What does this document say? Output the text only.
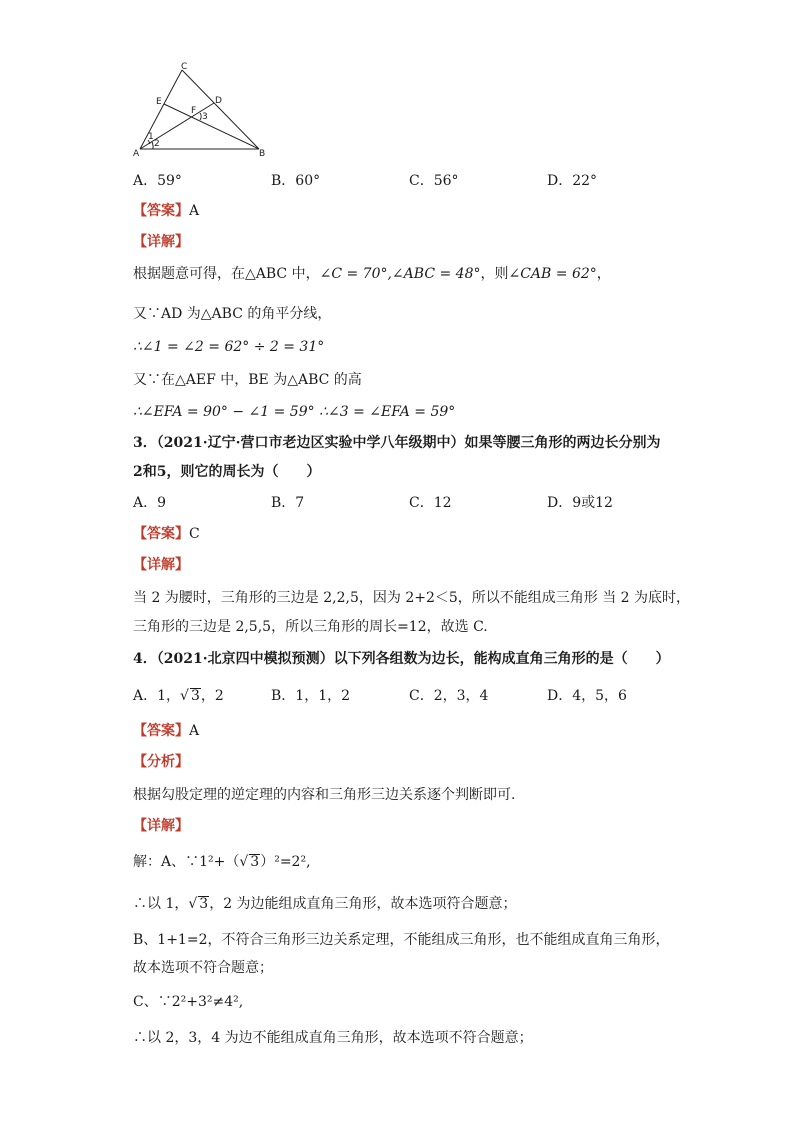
C
E	D
F
3
1
2
A	B
A．59°	B．60°	C．56°	D．22°
【答案】A
【详解】
根据题意可得，在△ABC 中，∠C = 70°,∠ABC = 48°，则∠CAB = 62°，
又∵AD 为△ABC 的角平分线，
∴∠1 = ∠2 = 62° ÷ 2 = 31°
又∵在△AEF 中，BE 为△ABC 的高
∴∠EFA = 90° − ∠1 = 59° ∴∠3 = ∠EFA = 59°
3．（2021·辽宁·营口市老边区实验中学八年级期中）如果等腰三角形的两边长分别为
2和5，则它的周长为（　　）
A．9	B．7	C．12	D．9或12
【答案】C
【详解】
当 2 为腰时，三角形的三边是 2,2,5，因为 2+2＜5，所以不能组成三角形 当 2 为底时，
三角形的三边是 2,5,5，所以三角形的周长=12，故选 C.
4．（2021·北京四中模拟预测）以下列各组数为边长，能构成直角三角形的是（　　）
A．1，√ 3，2	B．1，1，2	C．2，3，4	D．4，5，6
【答案】A
【分析】
根据勾股定理的逆定理的内容和三角形三边关系逐个判断即可.
【详解】
解：A、∵1²+（√ 3）²=2²,
∴以 1，√ 3，2 为边能组成直角三角形，故本选项符合题意；
B、1+1=2，不符合三角形三边关系定理，不能组成三角形，也不能组成直角三角形，
故本选项不符合题意；
C、∵2²+3²≠4²,
∴以 2，3，4 为边不能组成直角三角形，故本选项不符合题意；
